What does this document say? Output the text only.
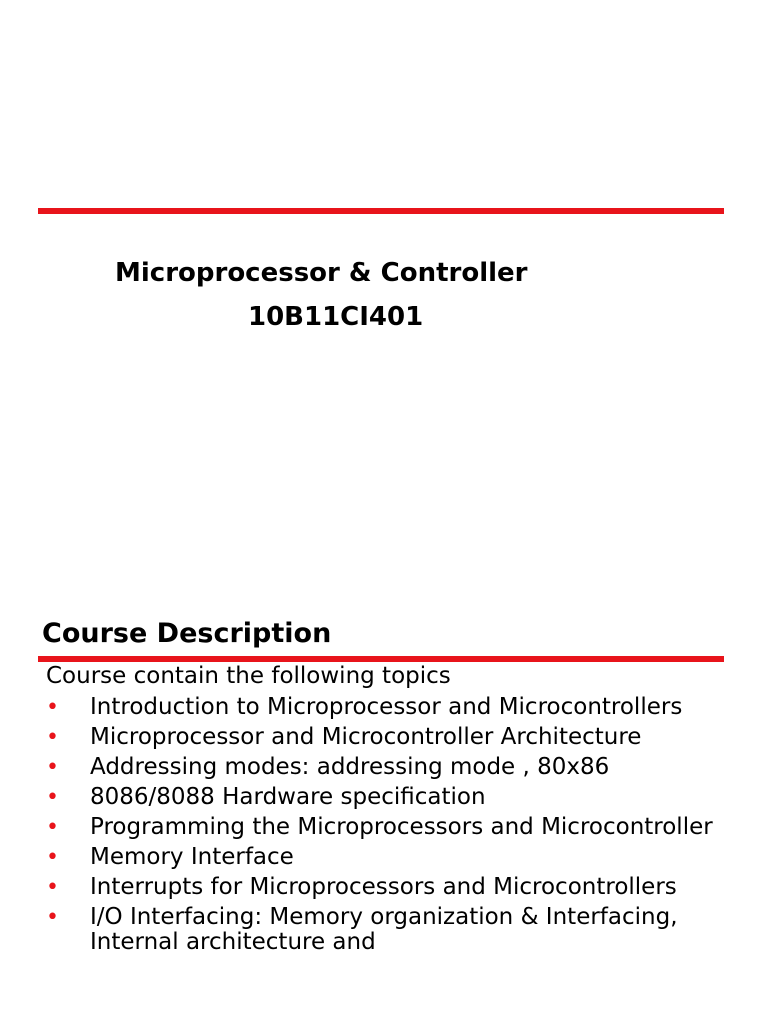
Microprocessor & Controller
10B11CI401
Course Description
Course contain the following topics
• Introduction to Microprocessor and Microcontrollers
• Microprocessor and Microcontroller Architecture
• Addressing modes: addressing mode , 80x86
• 8086/8088 Hardware specification
• Programming the Microprocessors and Microcontroller
• Memory Interface
• Interrupts for Microprocessors and Microcontrollers
• I/O Interfacing: Memory organization & Interfacing, Internal architecture and
